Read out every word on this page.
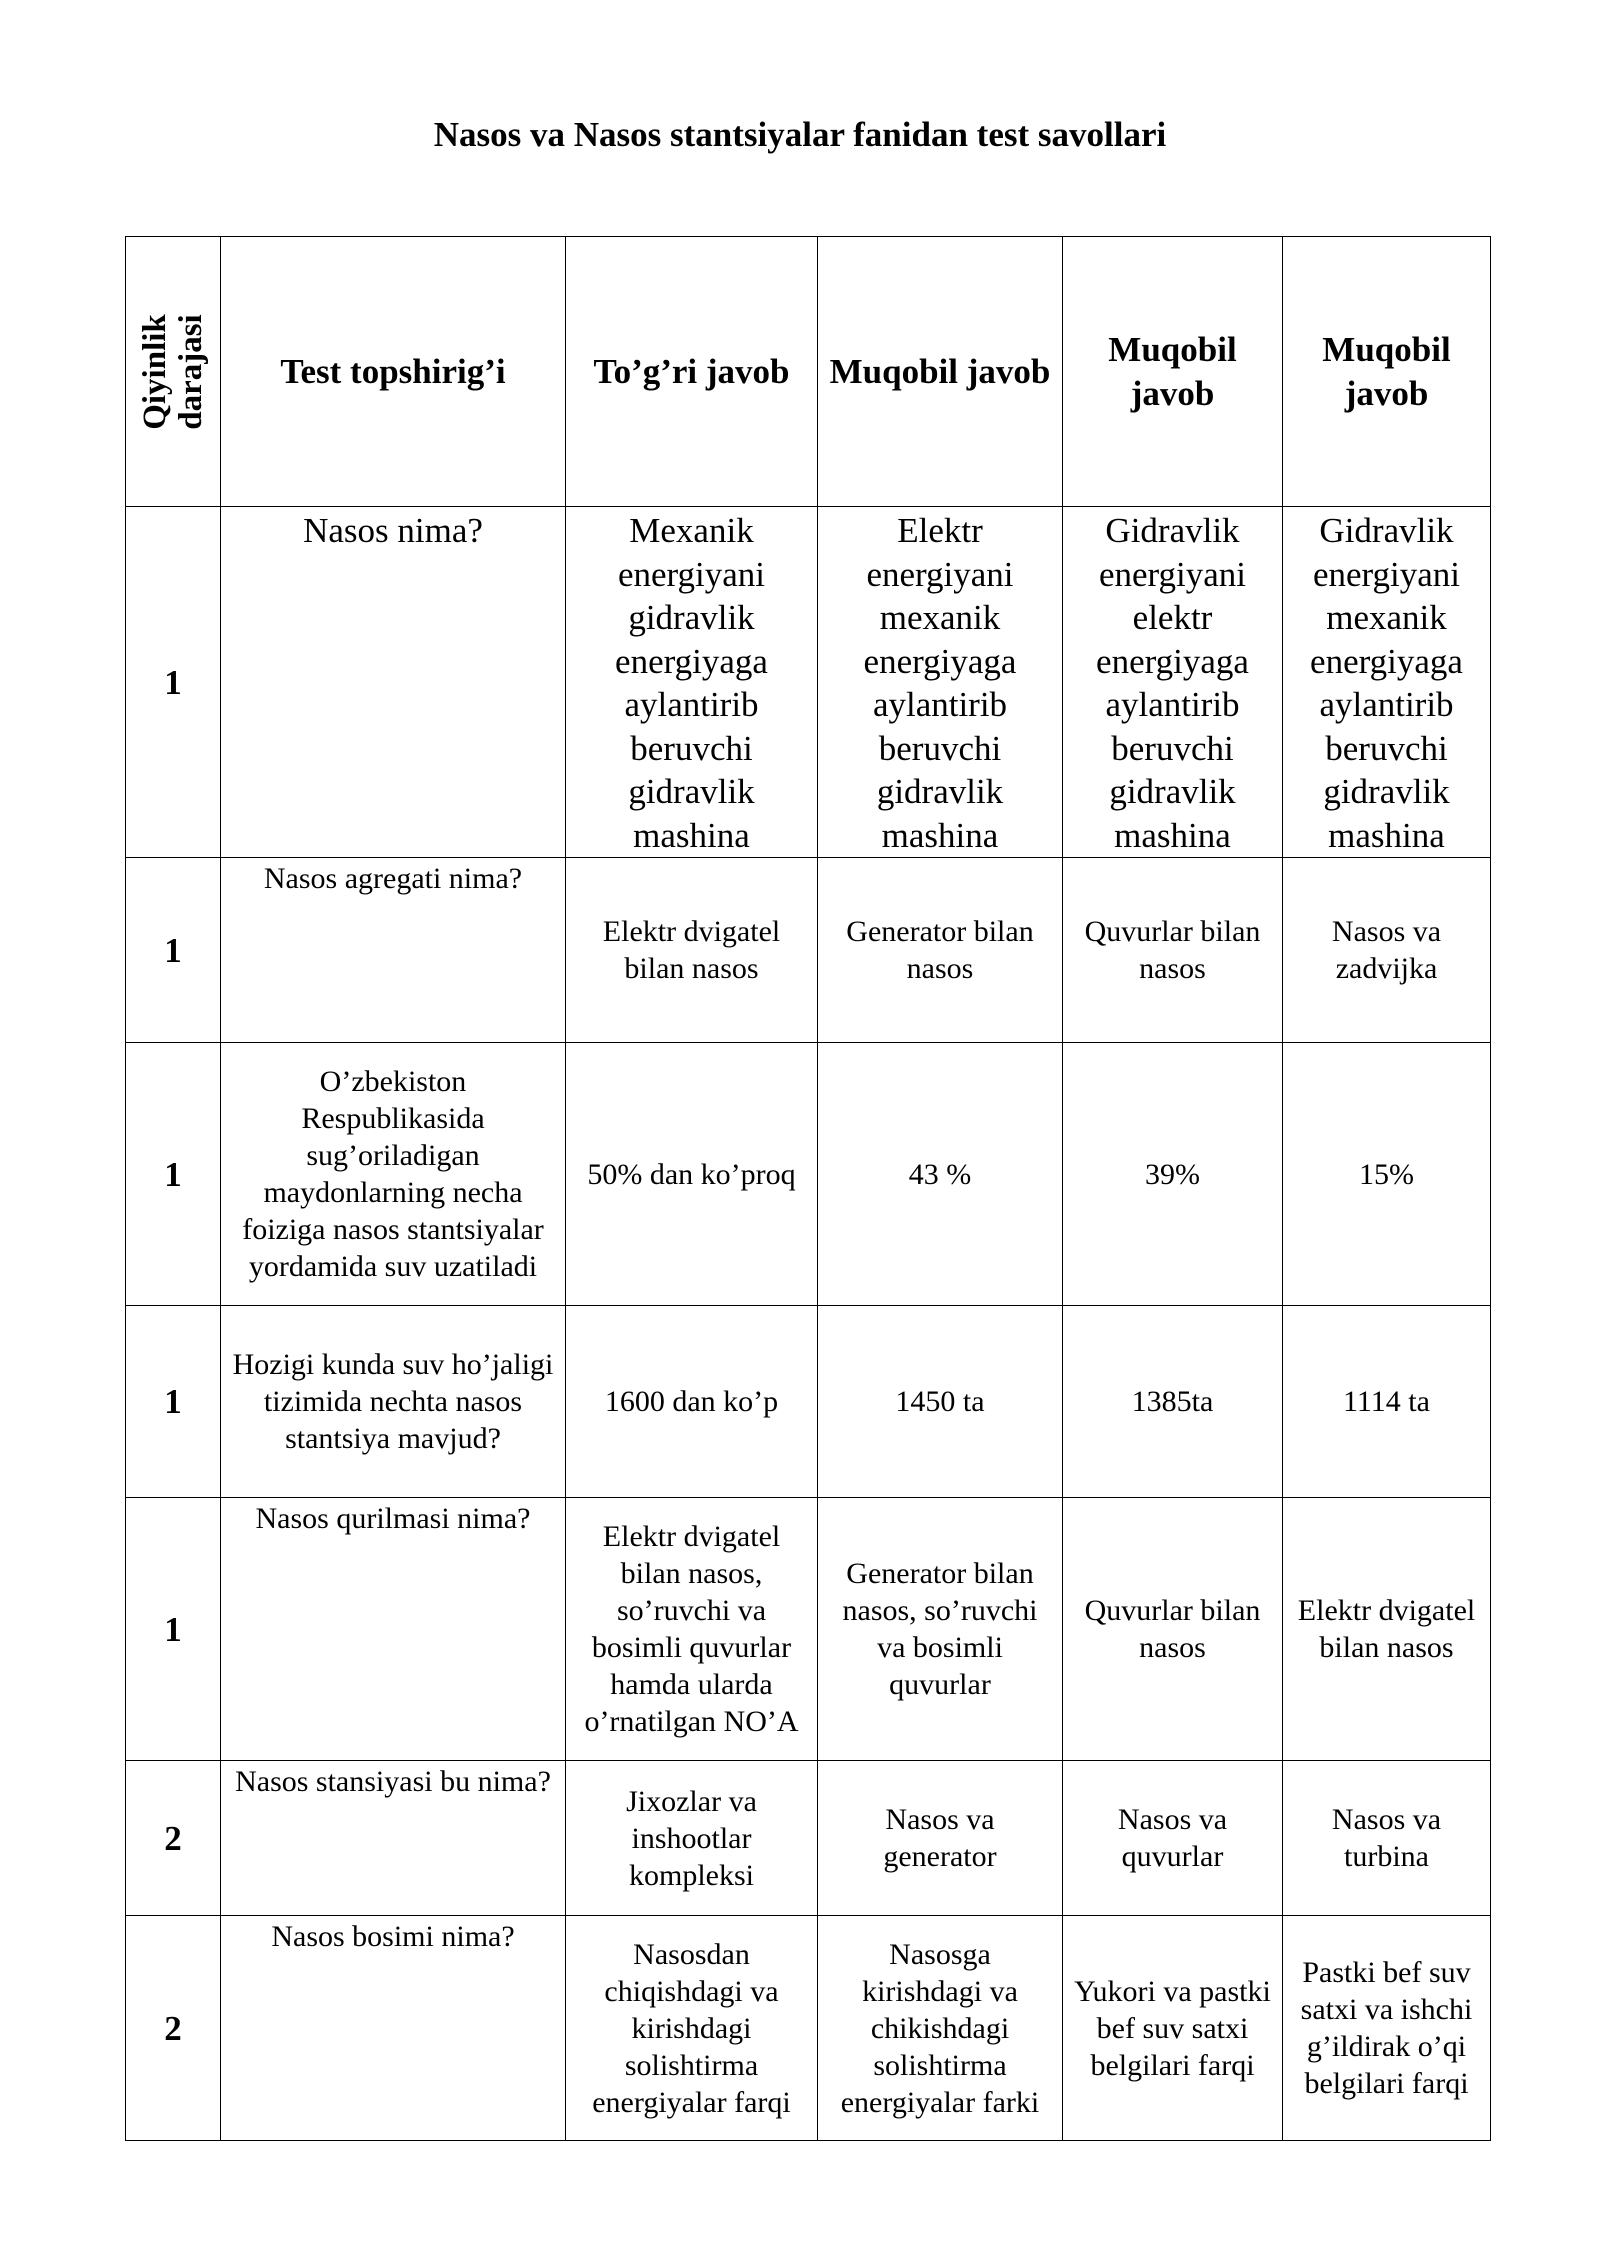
Nasos va Nasos stantsiyalar fanidan test savollari
Qiyinlik darajasi	Test topshirig’i	To’g’ri javob	Muqobil javob	Muqobil javob	Muqobil javob
1	Nasos nima?	Mexanik energiyani gidravlik energiyaga aylantirib beruvchi gidravlik mashina	Elektr energiyani mexanik energiyaga aylantirib beruvchi gidravlik mashina	Gidravlik energiyani elektr energiyaga aylantirib beruvchi gidravlik mashina	Gidravlik energiyani mexanik energiyaga aylantirib beruvchi gidravlik mashina
1	Nasos agregati nima?	Elektr dvigatel bilan nasos	Generator bilan nasos	Quvurlar bilan nasos	Nasos va zadvijka
1	O’zbekiston Respublikasida sug’oriladigan maydonlarning necha foiziga nasos stantsiyalar yordamida suv uzatiladi	50% dan ko’proq	43 %	39%	15%
1	Hozigi kunda suv ho’jaligi tizimida nechta nasos stantsiya mavjud?	1600 dan ko’p	1450 ta	1385ta	1114 ta
1	Nasos qurilmasi nima?	Elektr dvigatel bilan nasos, so’ruvchi va bosimli quvurlar hamda ularda o’rnatilgan NO’A	Generator bilan nasos, so’ruvchi va bosimli quvurlar	Quvurlar bilan nasos	Elektr dvigatel bilan nasos
2	Nasos stansiyasi bu nima?	Jixozlar va inshootlar kompleksi	Nasos va generator	Nasos va quvurlar	Nasos va turbina
2	Nasos bosimi nima?	Nasosdan chiqishdagi va kirishdagi solishtirma energiyalar farqi	Nasosga kirishdagi va chikishdagi solishtirma energiyalar farki	Yukori va pastki bef suv satxi belgilari farqi	Pastki bef suv satxi va ishchi g’ildirak o’qi belgilari farqi
